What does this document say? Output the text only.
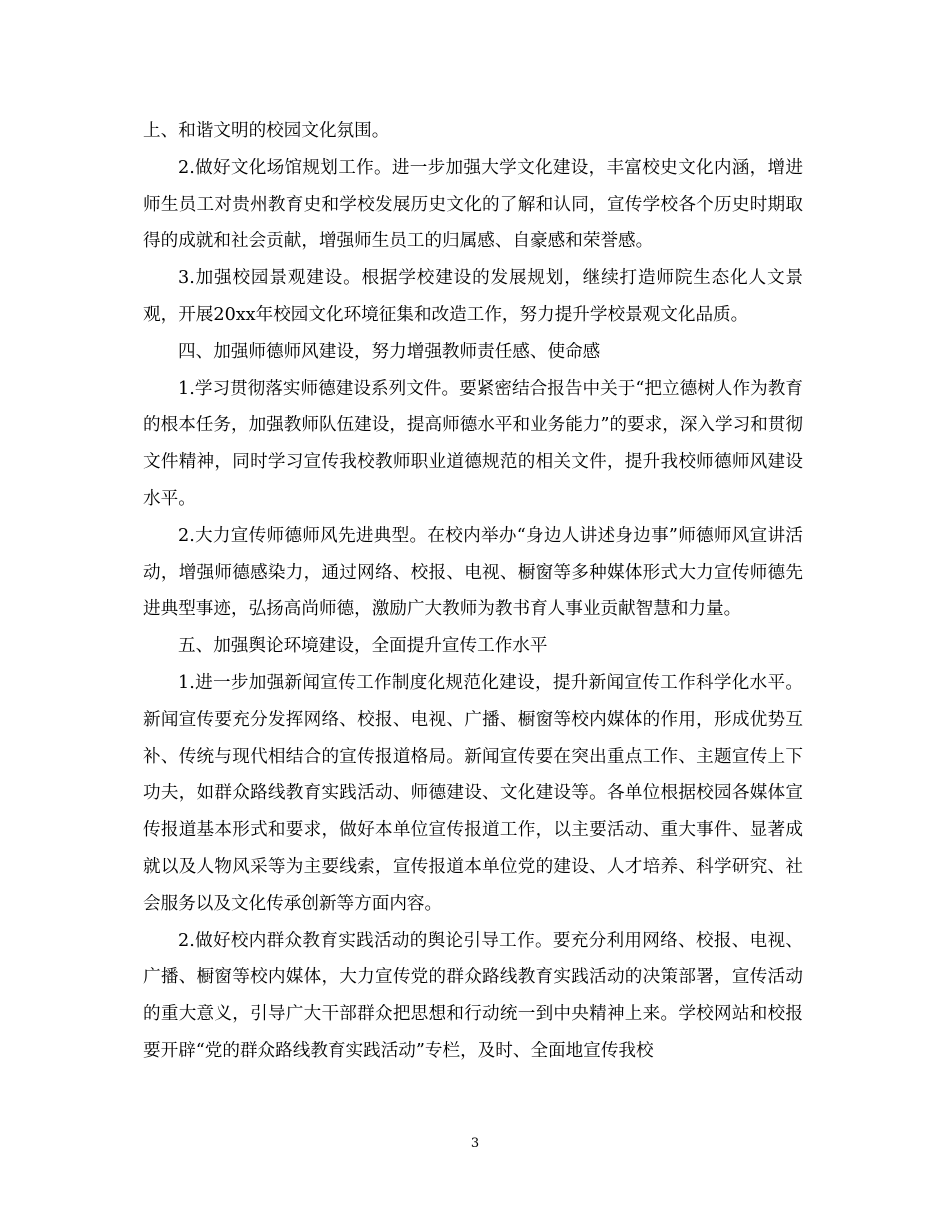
上、和谐文明的校园文化氛围。

2.做好文化场馆规划工作。进一步加强大学文化建设，丰富校史文化内涵，增进师生员工对贵州教育史和学校发展历史文化的了解和认同，宣传学校各个历史时期取得的成就和社会贡献，增强师生员工的归属感、自豪感和荣誉感。

3.加强校园景观建设。根据学校建设的发展规划，继续打造师院生态化人文景观，开展20xx年校园文化环境征集和改造工作，努力提升学校景观文化品质。

四、加强师德师风建设，努力增强教师责任感、使命感

1.学习贯彻落实师德建设系列文件。要紧密结合报告中关于“把立德树人作为教育的根本任务，加强教师队伍建设，提高师德水平和业务能力”的要求，深入学习和贯彻文件精神，同时学习宣传我校教师职业道德规范的相关文件，提升我校师德师风建设水平。

2.大力宣传师德师风先进典型。在校内举办“身边人讲述身边事”师德师风宣讲活动，增强师德感染力，通过网络、校报、电视、橱窗等多种媒体形式大力宣传师德先进典型事迹，弘扬高尚师德，激励广大教师为教书育人事业贡献智慧和力量。

五、加强舆论环境建设，全面提升宣传工作水平

1.进一步加强新闻宣传工作制度化规范化建设，提升新闻宣传工作科学化水平。新闻宣传要充分发挥网络、校报、电视、广播、橱窗等校内媒体的作用，形成优势互补、传统与现代相结合的宣传报道格局。新闻宣传要在突出重点工作、主题宣传上下功夫，如群众路线教育实践活动、师德建设、文化建设等。各单位根据校园各媒体宣传报道基本形式和要求，做好本单位宣传报道工作，以主要活动、重大事件、显著成就以及人物风采等为主要线索，宣传报道本单位党的建设、人才培养、科学研究、社会服务以及文化传承创新等方面内容。

2.做好校内群众教育实践活动的舆论引导工作。要充分利用网络、校报、电视、广播、橱窗等校内媒体，大力宣传党的群众路线教育实践活动的决策部署，宣传活动的重大意义，引导广大干部群众把思想和行动统一到中央精神上来。学校网站和校报要开辟“党的群众路线教育实践活动”专栏，及时、全面地宣传我校

3
